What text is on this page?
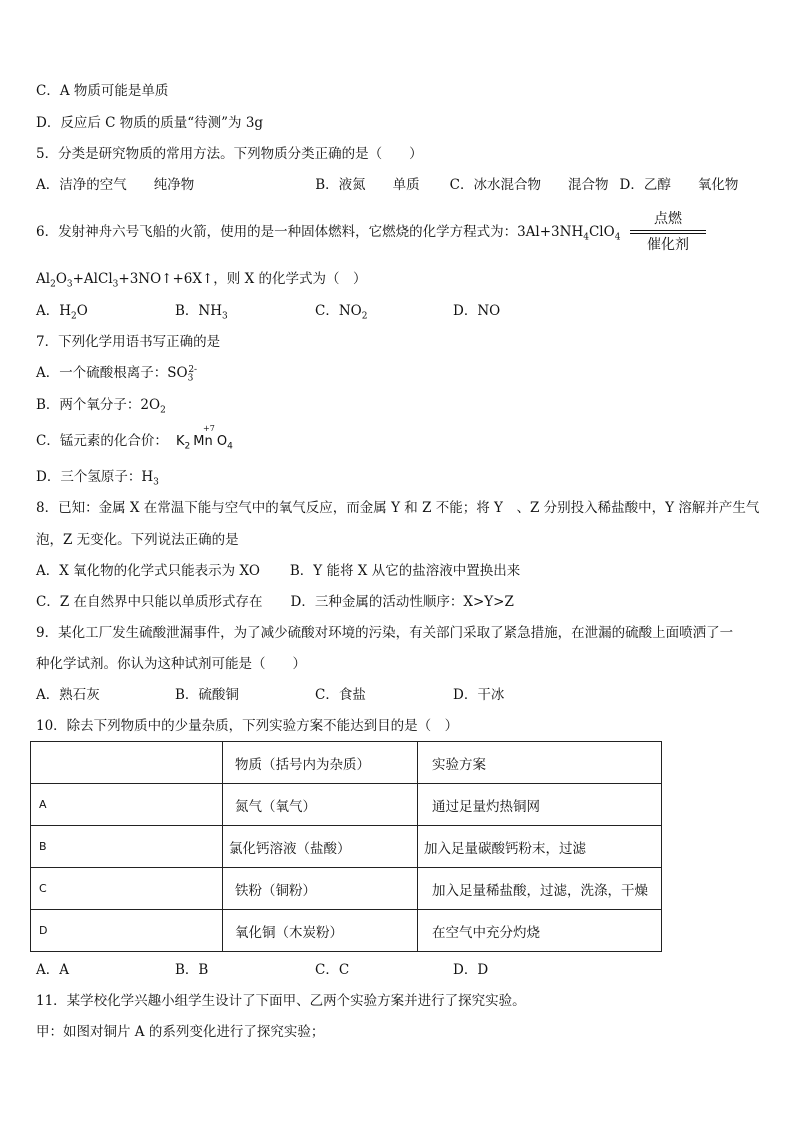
C．A 物质可能是单质
D．反应后 C 物质的质量“待测”为 3g
5．分类是研究物质的常用方法。下列物质分类正确的是（　　）
A．洁净的空气　　纯净物	B．液氮　　单质 C．冰水混合物　　混合物 D．乙醇　　氧化物
6．发射神舟六号飞船的火箭，使用的是一种固体燃料，它燃烧的化学方程式为：$3Al+3NH_4ClO_4$
点燃
催化剂
$Al_2O_3+AlCl_3+3NO↑+6X↑$，则 X 的化学式为（　）
A．$H_2O$	B．$NH_3$	C．$NO_2$	D．NO
7．下列化学用语书写正确的是
A．一个硫酸根离子：$SO_3^{2-}$
B．两个氧分子：$2O_2$
C．锰元素的化合价：
+7
$K_2$ Mn $O_4$
D．三个氢原子：$H_3$
8．已知：金属 X 在常温下能与空气中的氧气反应，而金属 Y 和 Z 不能；将 Y　、Z 分别投入稀盐酸中，Y 溶解并产生气
泡，Z 无变化。下列说法正确的是
A．X 氧化物的化学式只能表示为 XO B．Y 能将 X 从它的盐溶液中置换出来
C．Z 在自然界中只能以单质形式存在 D．三种金属的活动性顺序：X>Y>Z
9．某化工厂发生硫酸泄漏事件，为了减少硫酸对环境的污染，有关部门采取了紧急措施，在泄漏的硫酸上面喷洒了一
种化学试剂。你认为这种试剂可能是（　　）
A．熟石灰	B．硫酸铜	C．食盐	D．干冰
10．除去下列物质中的少量杂质，下列实验方案不能达到目的是（　）
	物质（括号内为杂质）	实验方案
A	氮气（氧气）	通过足量灼热铜网
B	氯化钙溶液（盐酸）	加入足量碳酸钙粉末，过滤
C	铁粉（铜粉）	加入足量稀盐酸，过滤，洗涤，干燥
D	氧化铜（木炭粉）	在空气中充分灼烧
A．A	B．B	C．C	D．D
11．某学校化学兴趣小组学生设计了下面甲、乙两个实验方案并进行了探究实验。
甲：如图对铜片 A 的系列变化进行了探究实验；
